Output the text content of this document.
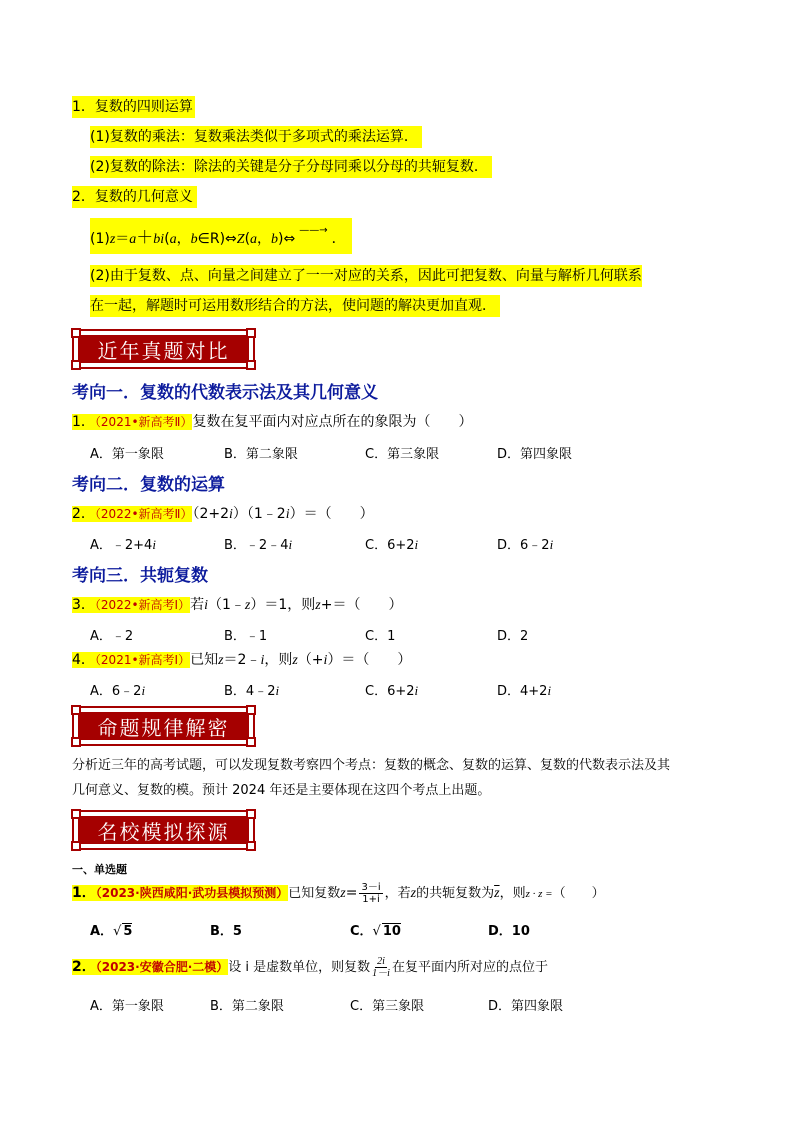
1．复数的四则运算
(1)复数的乘法：复数乘法类似于多项式的乘法运算．
(2)复数的除法：除法的关键是分子分母同乘以分母的共轭复数．
2．复数的几何意义
(1)z＝a＋bi(a，b∈R)⇔Z(a，b)⇔——→．
(2)由于复数、点、向量之间建立了一一对应的关系，因此可把复数、向量与解析几何联系
在一起，解题时可运用数形结合的方法，使问题的解决更加直观．
近年真题对比
考向一．复数的代数表示法及其几何意义
1．（2021•新高考Ⅱ）复数在复平面内对应点所在的象限为（　　）
A．第一象限	B．第二象限	C．第三象限	D．第四象限
考向二．复数的运算
2．（2022•新高考Ⅱ）（2+2i）（1﹣2i）＝（　　）
A．﹣2+4i	B．﹣2﹣4i	C．6+2i	D．6﹣2i
考向三．共轭复数
3．（2022•新高考Ⅰ）若i（1﹣z）＝1，则z+＝（　　）
A．﹣2	B．﹣1	C．1	D．2
4．（2021•新高考Ⅰ）已知z＝2﹣i，则z（+i）＝（　　）
A．6﹣2i	B．4﹣2i	C．6+2i	D．4+2i
命题规律解密
分析近三年的高考试题，可以发现复数考察四个考点：复数的概念、复数的运算、复数的代数表示法及其
几何意义、复数的模。预计 2024 年还是主要体现在这四个考点上出题。
名校模拟探源
一、单选题
1．（2023·陕西咸阳·武功县模拟预测）已知复数$z= \frac{3-i}{1+i}$ ，若z的共轭复数为$\overline{z}$，则z · z =（　　）
A．√ 5	B．5	C．√ 10	D．10
2．（2023·安徽合肥·二模）设 i 是虚数单位，则复数 $\frac{2i}{1-i}$ 在复平面内所对应的点位于
A．第一象限	B．第二象限	C．第三象限	D．第四象限
